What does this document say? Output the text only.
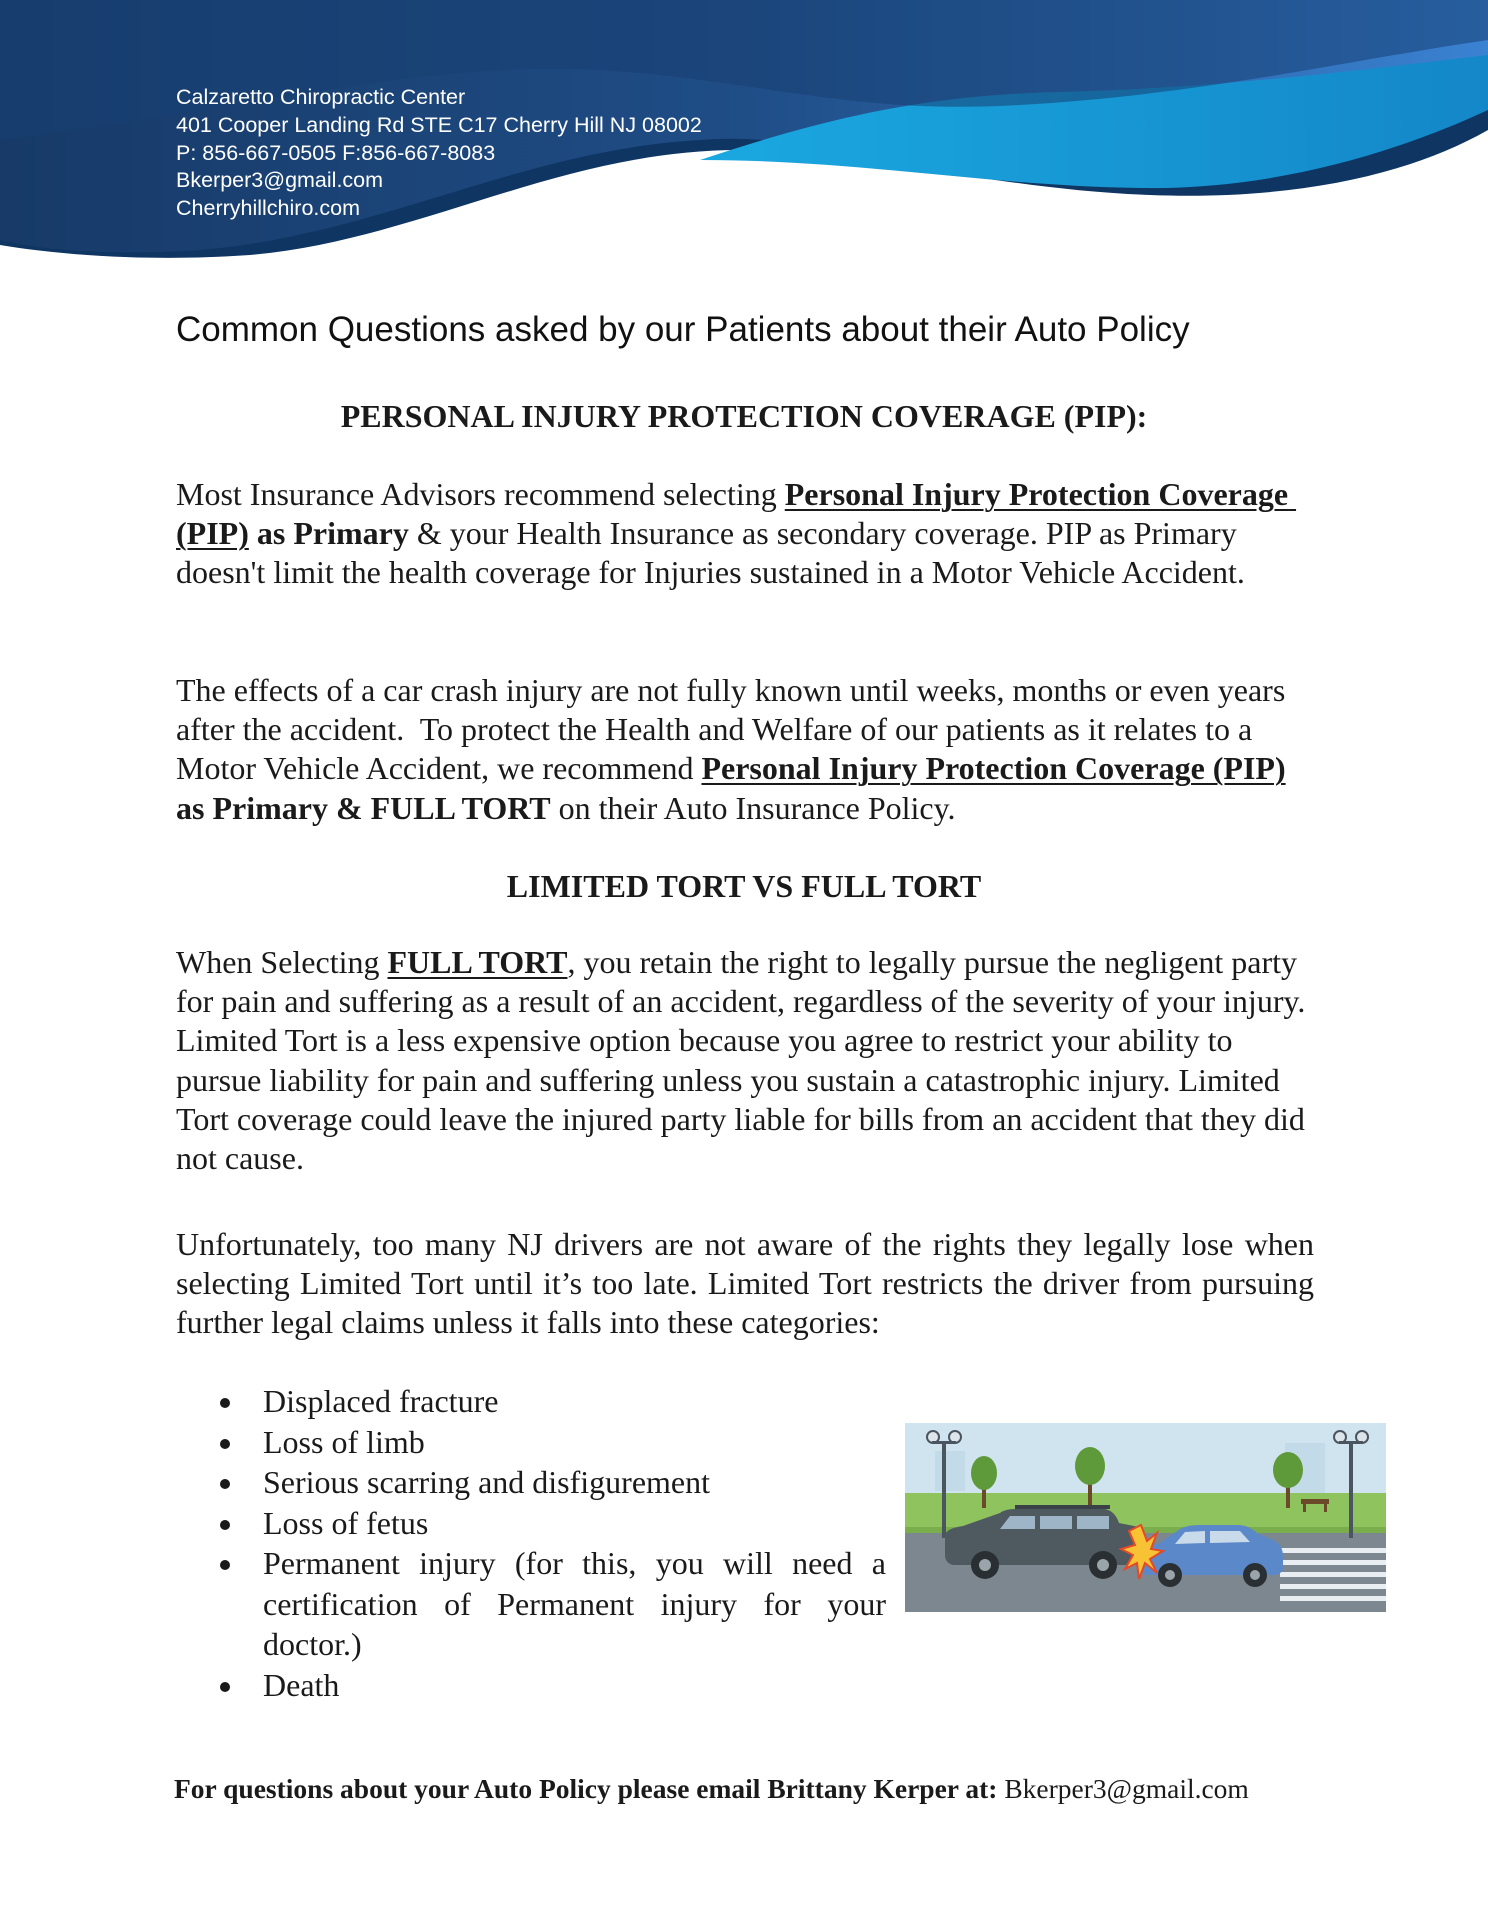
Calzaretto Chiropractic Center
401 Cooper Landing Rd STE C17 Cherry Hill NJ 08002
P: 856-667-0505 F:856-667-8083
Bkerper3@gmail.com
Cherryhillchiro.com
Common Questions asked by our Patients about their Auto Policy
PERSONAL INJURY PROTECTION COVERAGE (PIP):

Most Insurance Advisors recommend selecting Personal Injury Protection Coverage (PIP) as Primary & your Health Insurance as secondary coverage. PIP as Primary doesn't limit the health coverage for Injuries sustained in a Motor Vehicle Accident.

The effects of a car crash injury are not fully known until weeks, months or even years after the accident.  To protect the Health and Welfare of our patients as it relates to a Motor Vehicle Accident, we recommend Personal Injury Protection Coverage (PIP) as Primary & FULL TORT on their Auto Insurance Policy.

LIMITED TORT VS FULL TORT

When Selecting FULL TORT, you retain the right to legally pursue the negligent party for pain and suffering as a result of an accident, regardless of the severity of your injury. Limited Tort is a less expensive option because you agree to restrict your ability to pursue liability for pain and suffering unless you sustain a catastrophic injury. Limited Tort coverage could leave the injured party liable for bills from an accident that they did not cause.

Unfortunately, too many NJ drivers are not aware of the rights they legally lose when selecting Limited Tort until it’s too late. Limited Tort restricts the driver from pursuing further legal claims unless it falls into these categories:

Displaced fracture
Loss of limb
Serious scarring and disfigurement
Loss of fetus
Permanent injury (for this, you will need a certification of Permanent injury for your doctor.)
Death

For questions about your Auto Policy please email Brittany Kerper at: Bkerper3@gmail.com
